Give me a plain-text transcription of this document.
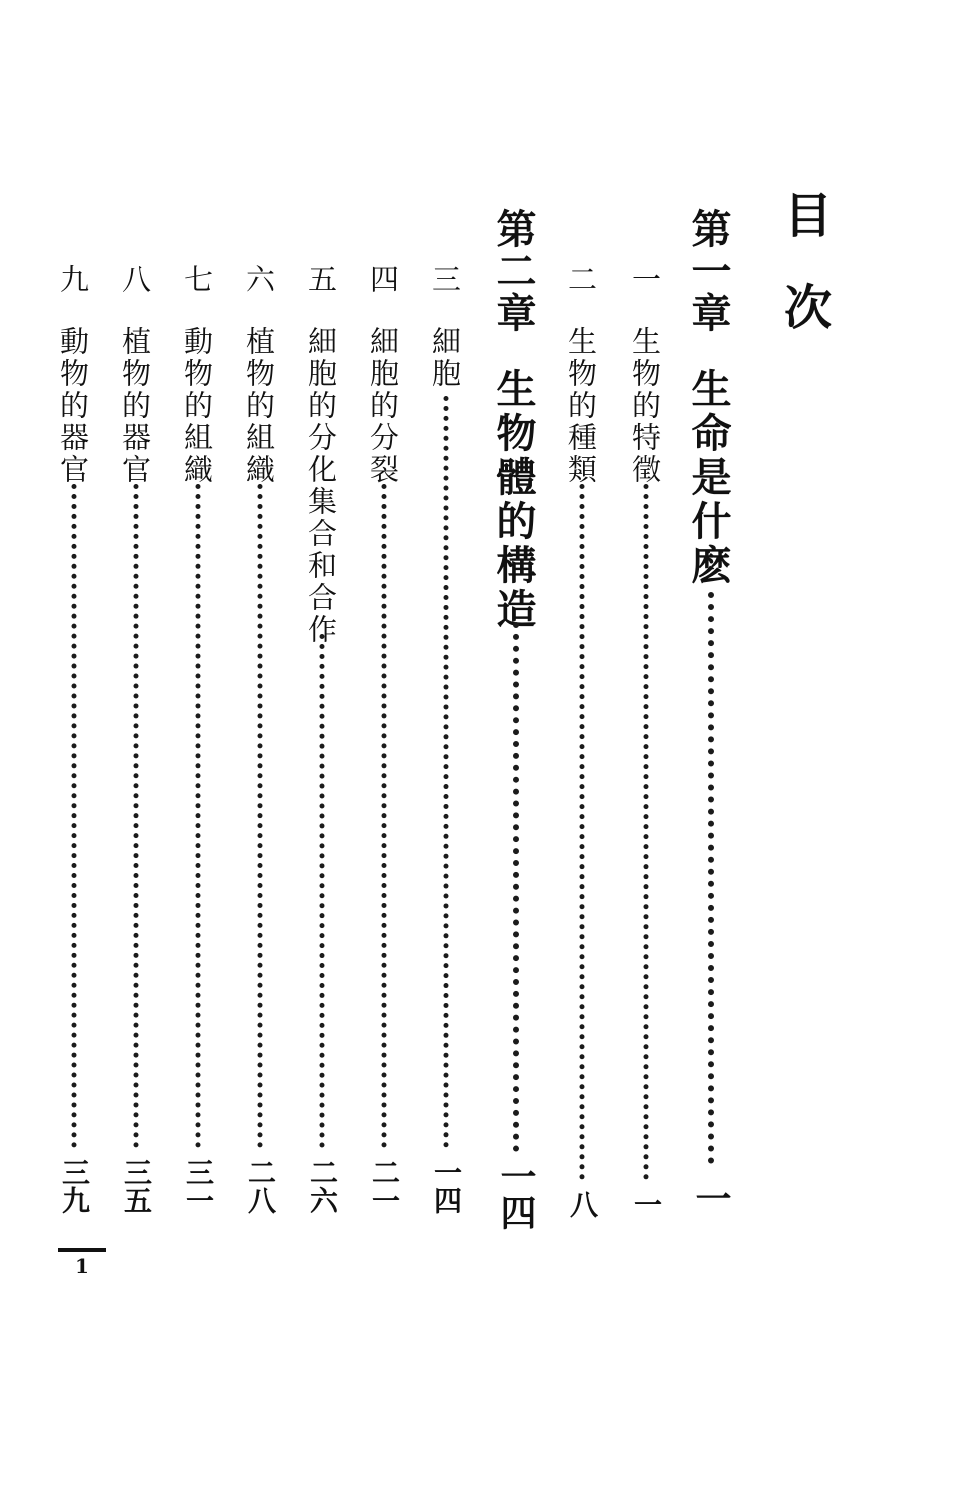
目
次
第一章
生命是什麽
一
一
生物的特徵
一
二
生物的種類
八
第二章
生物體的構造
一四
三
細胞
一四
四
細胞的分裂
二一
五
細胞的分化集合和合作
二六
六
植物的組織
二八
七
動物的組織
三一
八
植物的器官
三五
九
動物的器官
三九
1
